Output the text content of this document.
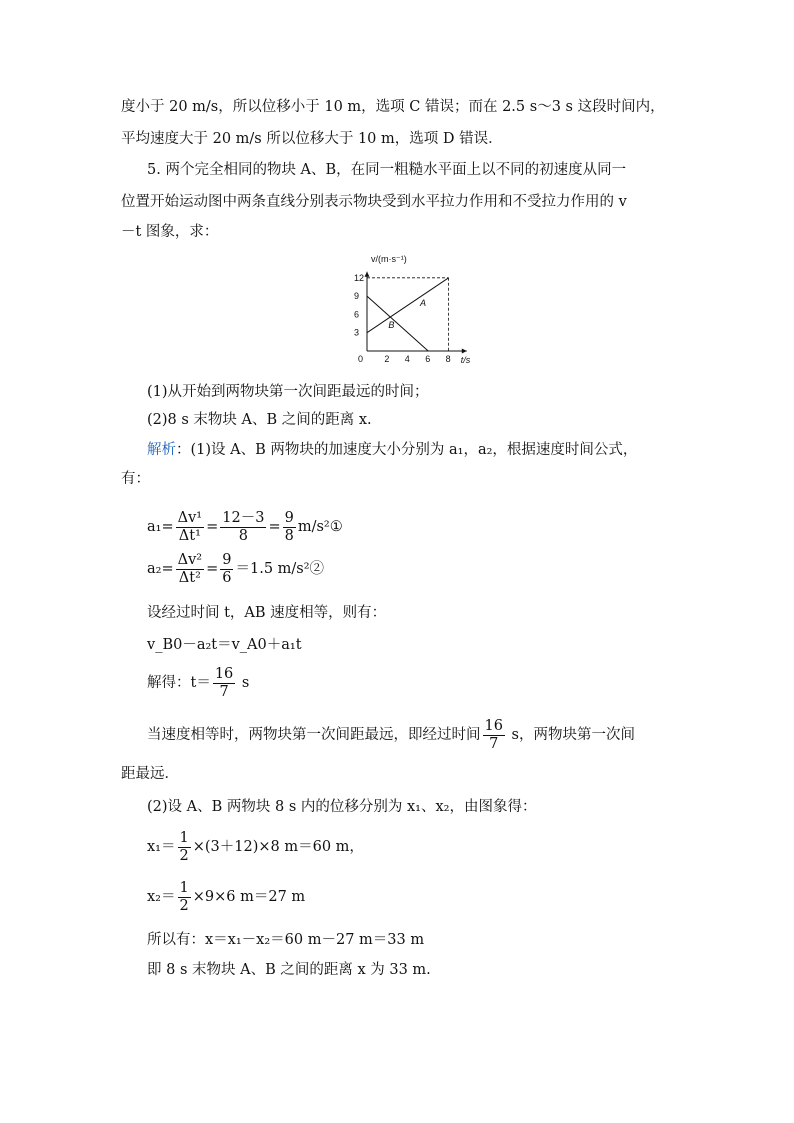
度小于 20 m/s，所以位移小于 10 m，选项 C 错误；而在 2.5 s～3 s 这段时间内，
平均速度大于 20 m/s 所以位移大于 10 m，选项 D 错误．
5. 两个完全相同的物块 A、B，在同一粗糙水平面上以不同的初速度从同一
位置开始运动图中两条直线分别表示物块受到水平拉力作用和不受拉力作用的 v
－t 图象，求：
v/(m·s⁻¹)
t/s
0 2 4 6 8
3
6
9
12
A
B
(1)从开始到两物块第一次间距最远的时间；
(2)8 s 末物块 A、B 之间的距离 x.
解析：(1)设 A、B 两物块的加速度大小分别为 a₁，a₂，根据速度时间公式，
有：
$a_1= \frac{\text{Δv¹}}{\text{Δt¹}} = \frac{12-3}{8} = \frac{9}{8}$ m/s²①
$a_2= \frac{\text{Δv²}}{\text{Δt²}} = \frac{9}{6} =1.5$ m/s²②
设经过时间 t，AB 速度相等，则有：
v_B0－a₂t＝v_A0＋a₁t
解得：$t= \frac{16}{7}$ s
当速度相等时，两物块第一次间距最远，即经过时间 $\frac{16}{7}$ s，两物块第一次间
距最远．
(2)设 A、B 两物块 8 s 内的位移分别为 x₁、x₂，由图象得：
$x_1= \frac{1}{2} \times(3+12)\times 8$ m＝60 m，
$x_2= \frac{1}{2} \times 9\times 6$ m＝27 m
所以有：x＝x₁－x₂＝60 m－27 m＝33 m
即 8 s 末物块 A、B 之间的距离 x 为 33 m.
